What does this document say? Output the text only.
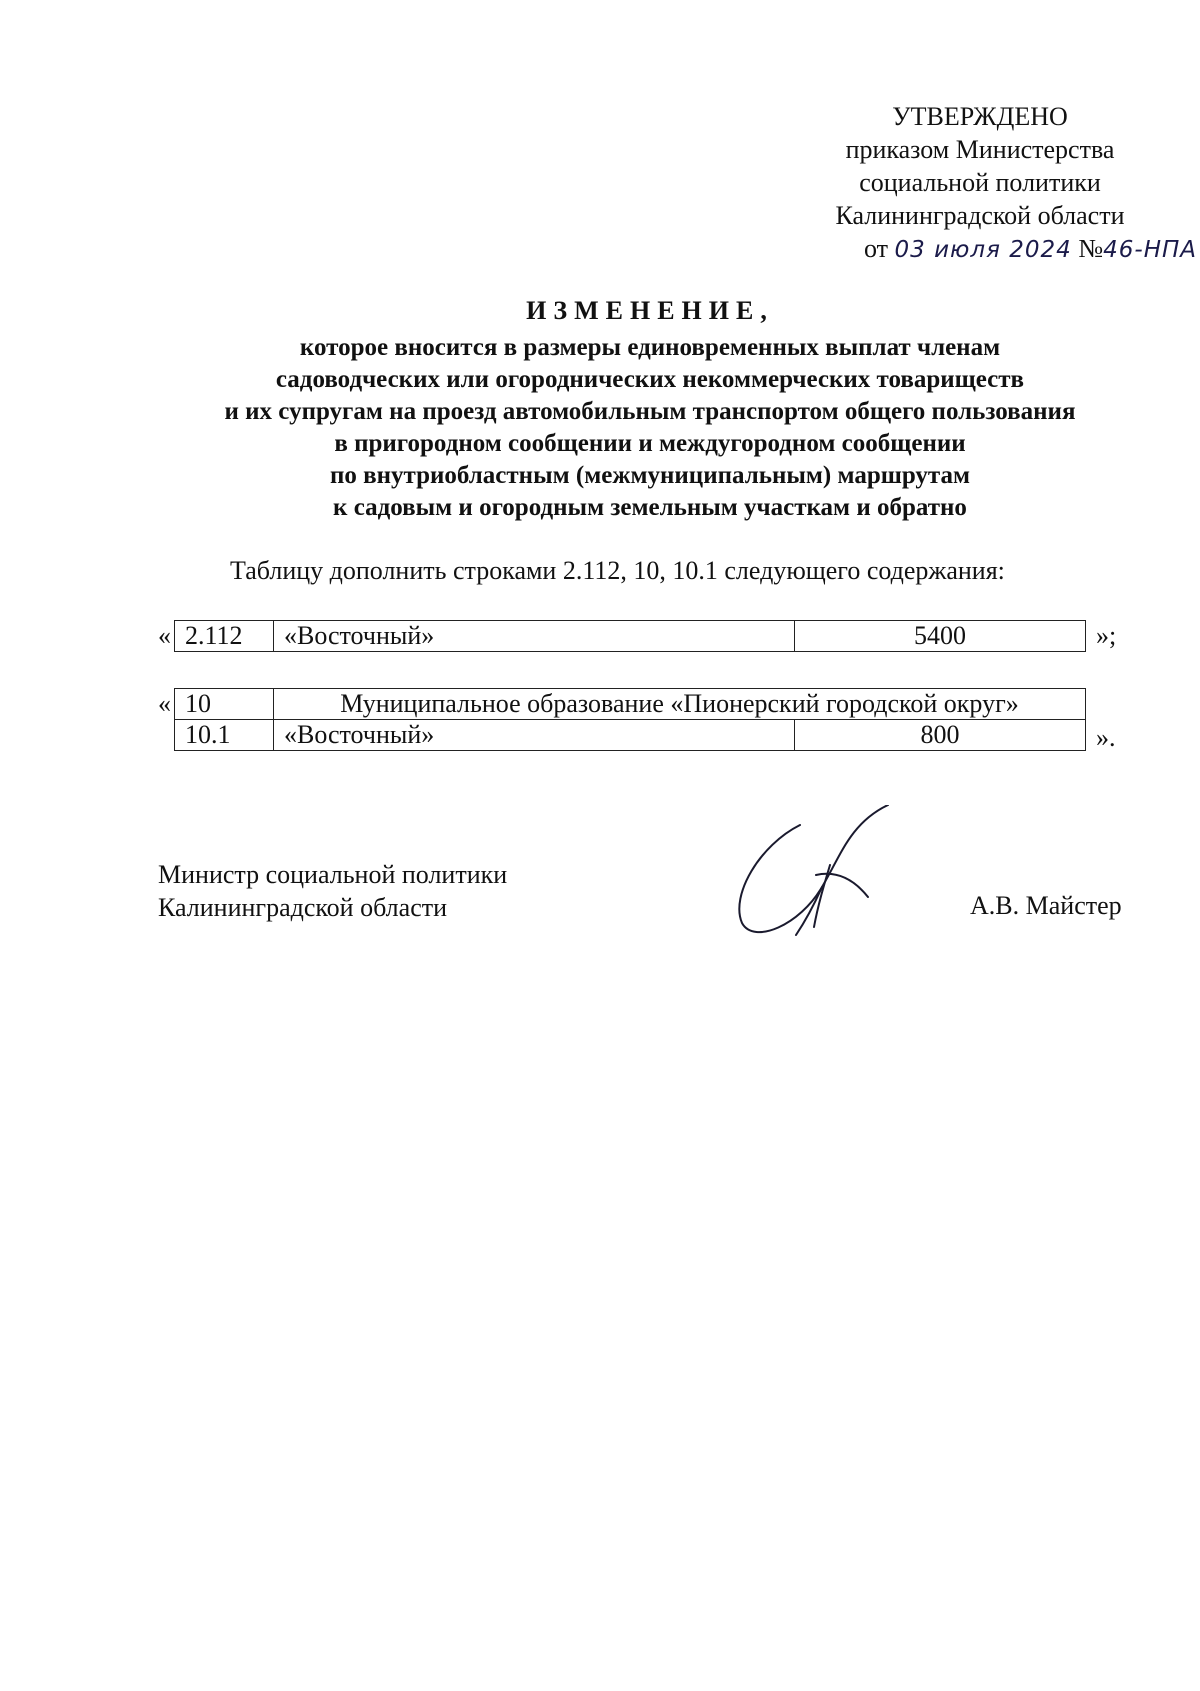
УТВЕРЖДЕНО
приказом Министерства
социальной политики
Калининградской области
от 03 июля 2024 №46-НПА
ИЗМЕНЕНИЕ,
которое вносится в размеры единовременных выплат членам
садоводческих или огороднических некоммерческих товариществ
и их супругам на проезд автомобильным транспортом общего пользования
в пригородном сообщении и междугородном сообщении
по внутриобластным (межмуниципальным) маршрутам
к садовым и огородным земельным участкам и обратно
Таблицу дополнить строками 2.112, 10, 10.1 следующего содержания:
« 2.112	«Восточный»	5400	»;
« 10	Муниципальное образование «Пионерский городской округ»	
10.1	«Восточный»	800	».
Министр социальной политики
Калининградской области	А.В. Майстер
